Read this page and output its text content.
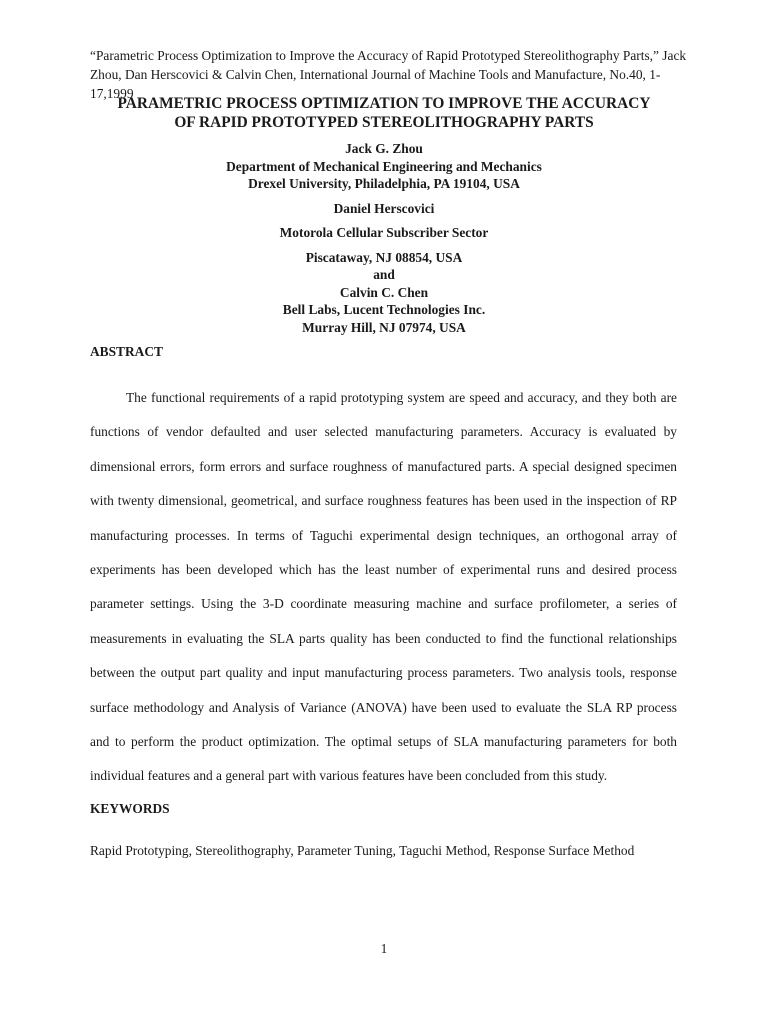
“Parametric Process Optimization to Improve the Accuracy of Rapid Prototyped Stereolithography Parts,” Jack Zhou, Dan Herscovici & Calvin Chen, International Journal of Machine Tools and Manufacture, No.40, 1-17,1999
PARAMETRIC PROCESS OPTIMIZATION TO IMPROVE THE ACCURACY
OF RAPID PROTOTYPED STEREOLITHOGRAPHY PARTS
Jack G. Zhou
Department of Mechanical Engineering and Mechanics
Drexel University, Philadelphia, PA 19104, USA
Daniel Herscovici
Motorola Cellular Subscriber Sector
Piscataway, NJ 08854, USA
and
Calvin C. Chen
Bell Labs, Lucent Technologies Inc.
Murray Hill, NJ 07974, USA
ABSTRACT
The functional requirements of a rapid prototyping system are speed and accuracy, and they both are functions of vendor defaulted and user selected manufacturing parameters. Accuracy is evaluated by dimensional errors, form errors and surface roughness of manufactured parts. A special designed specimen with twenty dimensional, geometrical, and surface roughness features has been used in the inspection of RP manufacturing processes. In terms of Taguchi experimental design techniques, an orthogonal array of experiments has been developed which has the least number of experimental runs and desired process parameter settings. Using the 3-D coordinate measuring machine and surface profilometer, a series of measurements in evaluating the SLA parts quality has been conducted to find the functional relationships between the output part quality and input manufacturing process parameters. Two analysis tools, response surface methodology and Analysis of Variance (ANOVA) have been used to evaluate the SLA RP process and to perform the product optimization. The optimal setups of SLA manufacturing parameters for both individual features and a general part with various features have been concluded from this study.
KEYWORDS
Rapid Prototyping, Stereolithography, Parameter Tuning, Taguchi Method, Response Surface Method
1
